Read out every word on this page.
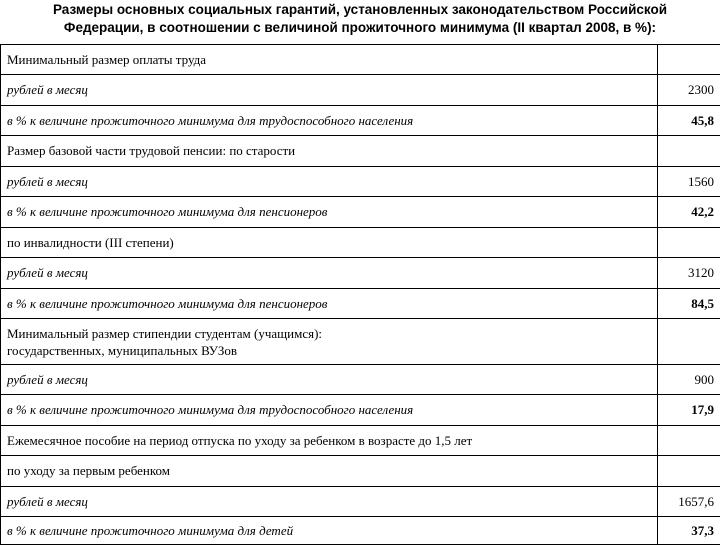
Размеры основных социальных гарантий, установленных законодательством Российской
Федерации, в соотношении с величиной прожиточного минимума (II квартал 2008, в %):
Минимальный размер оплаты труда	
рублей в месяц	2300
в % к величине прожиточного минимума для трудоспособного населения	45,8
Размер базовой части трудовой пенсии: по старости	
рублей в месяц	1560
в % к величине прожиточного минимума для пенсионеров	42,2
по инвалидности (III степени)	
рублей в месяц	3120
в % к величине прожиточного минимума для пенсионеров	84,5

Минимальный размер стипендии студентам (учащимся):
государственных, муниципальных ВУЗов	

рублей в месяц	900
в % к величине прожиточного минимума для трудоспособного населения	17,9
Ежемесячное пособие на период отпуска по уходу за ребенком в возрасте до 1,5 лет	
по уходу за первым ребенком	
рублей в месяц	1657,6
в % к величине прожиточного минимума для детей	37,3
